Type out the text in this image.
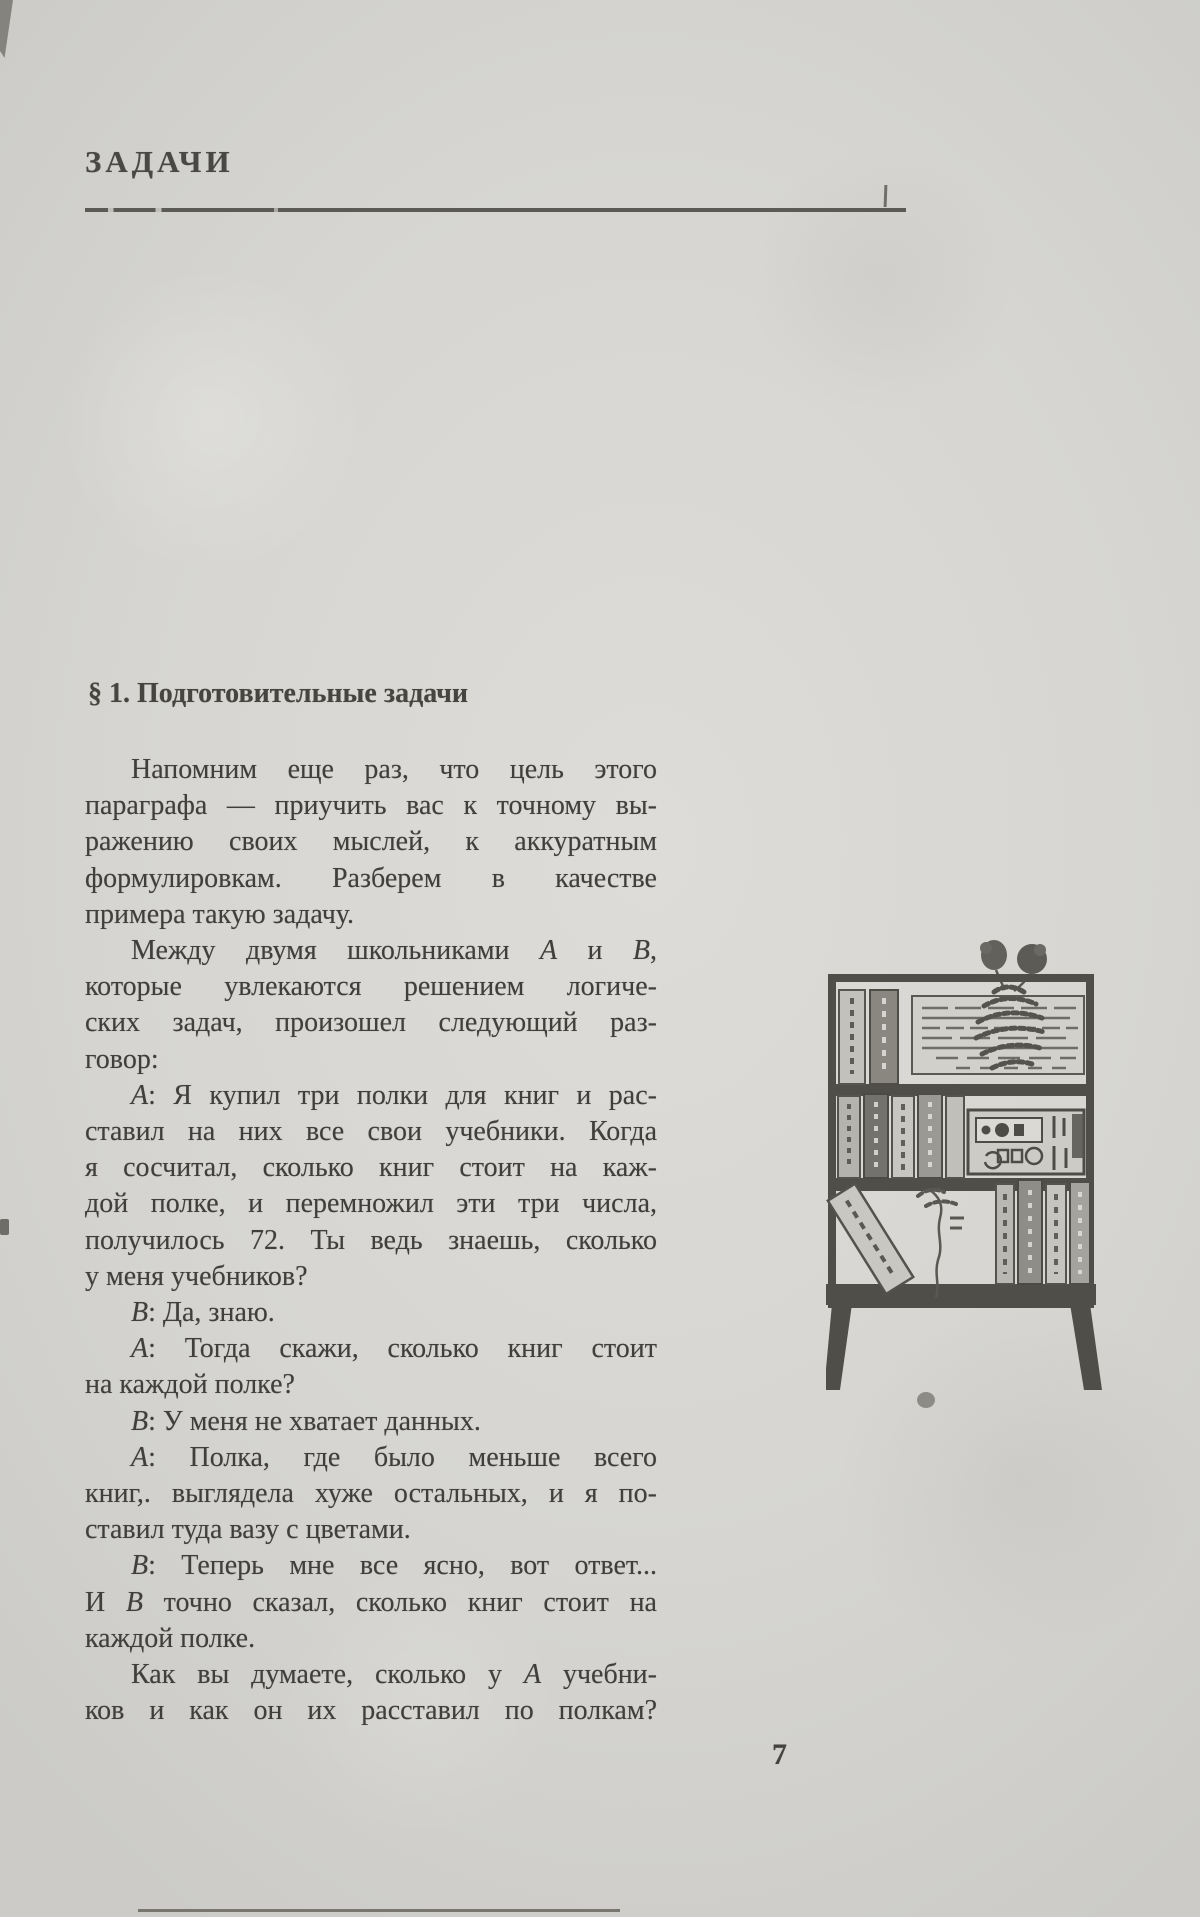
ЗАДАЧИ
§ 1. Подготовительные задачи
Напомним еще раз, что цель этого
параграфа — приучить вас к точному вы-
ражению своих мыслей, к аккуратным
формулировкам. Разберем в качестве
примера такую задачу.
Между двумя школьниками А и В,
которые увлекаются решением логиче-
ских задач, произошел следующий раз-
говор:
А: Я купил три полки для книг и рас-
ставил на них все свои учебники. Когда
я сосчитал, сколько книг стоит на каж-
дой полке, и перемножил эти три числа,
получилось 72. Ты ведь знаешь, сколько
у меня учебников?
В: Да, знаю.
А: Тогда скажи, сколько книг стоит
на каждой полке?
В: У меня не хватает данных.
А: Полка, где было меньше всего
книг,. выглядела хуже остальных, и я по-
ставил туда вазу с цветами.
В: Теперь мне все ясно, вот ответ...
И В точно сказал, сколько книг стоит на
каждой полке.
Как вы думаете, сколько у А учебни-
ков и как он их расставил по полкам?
7
